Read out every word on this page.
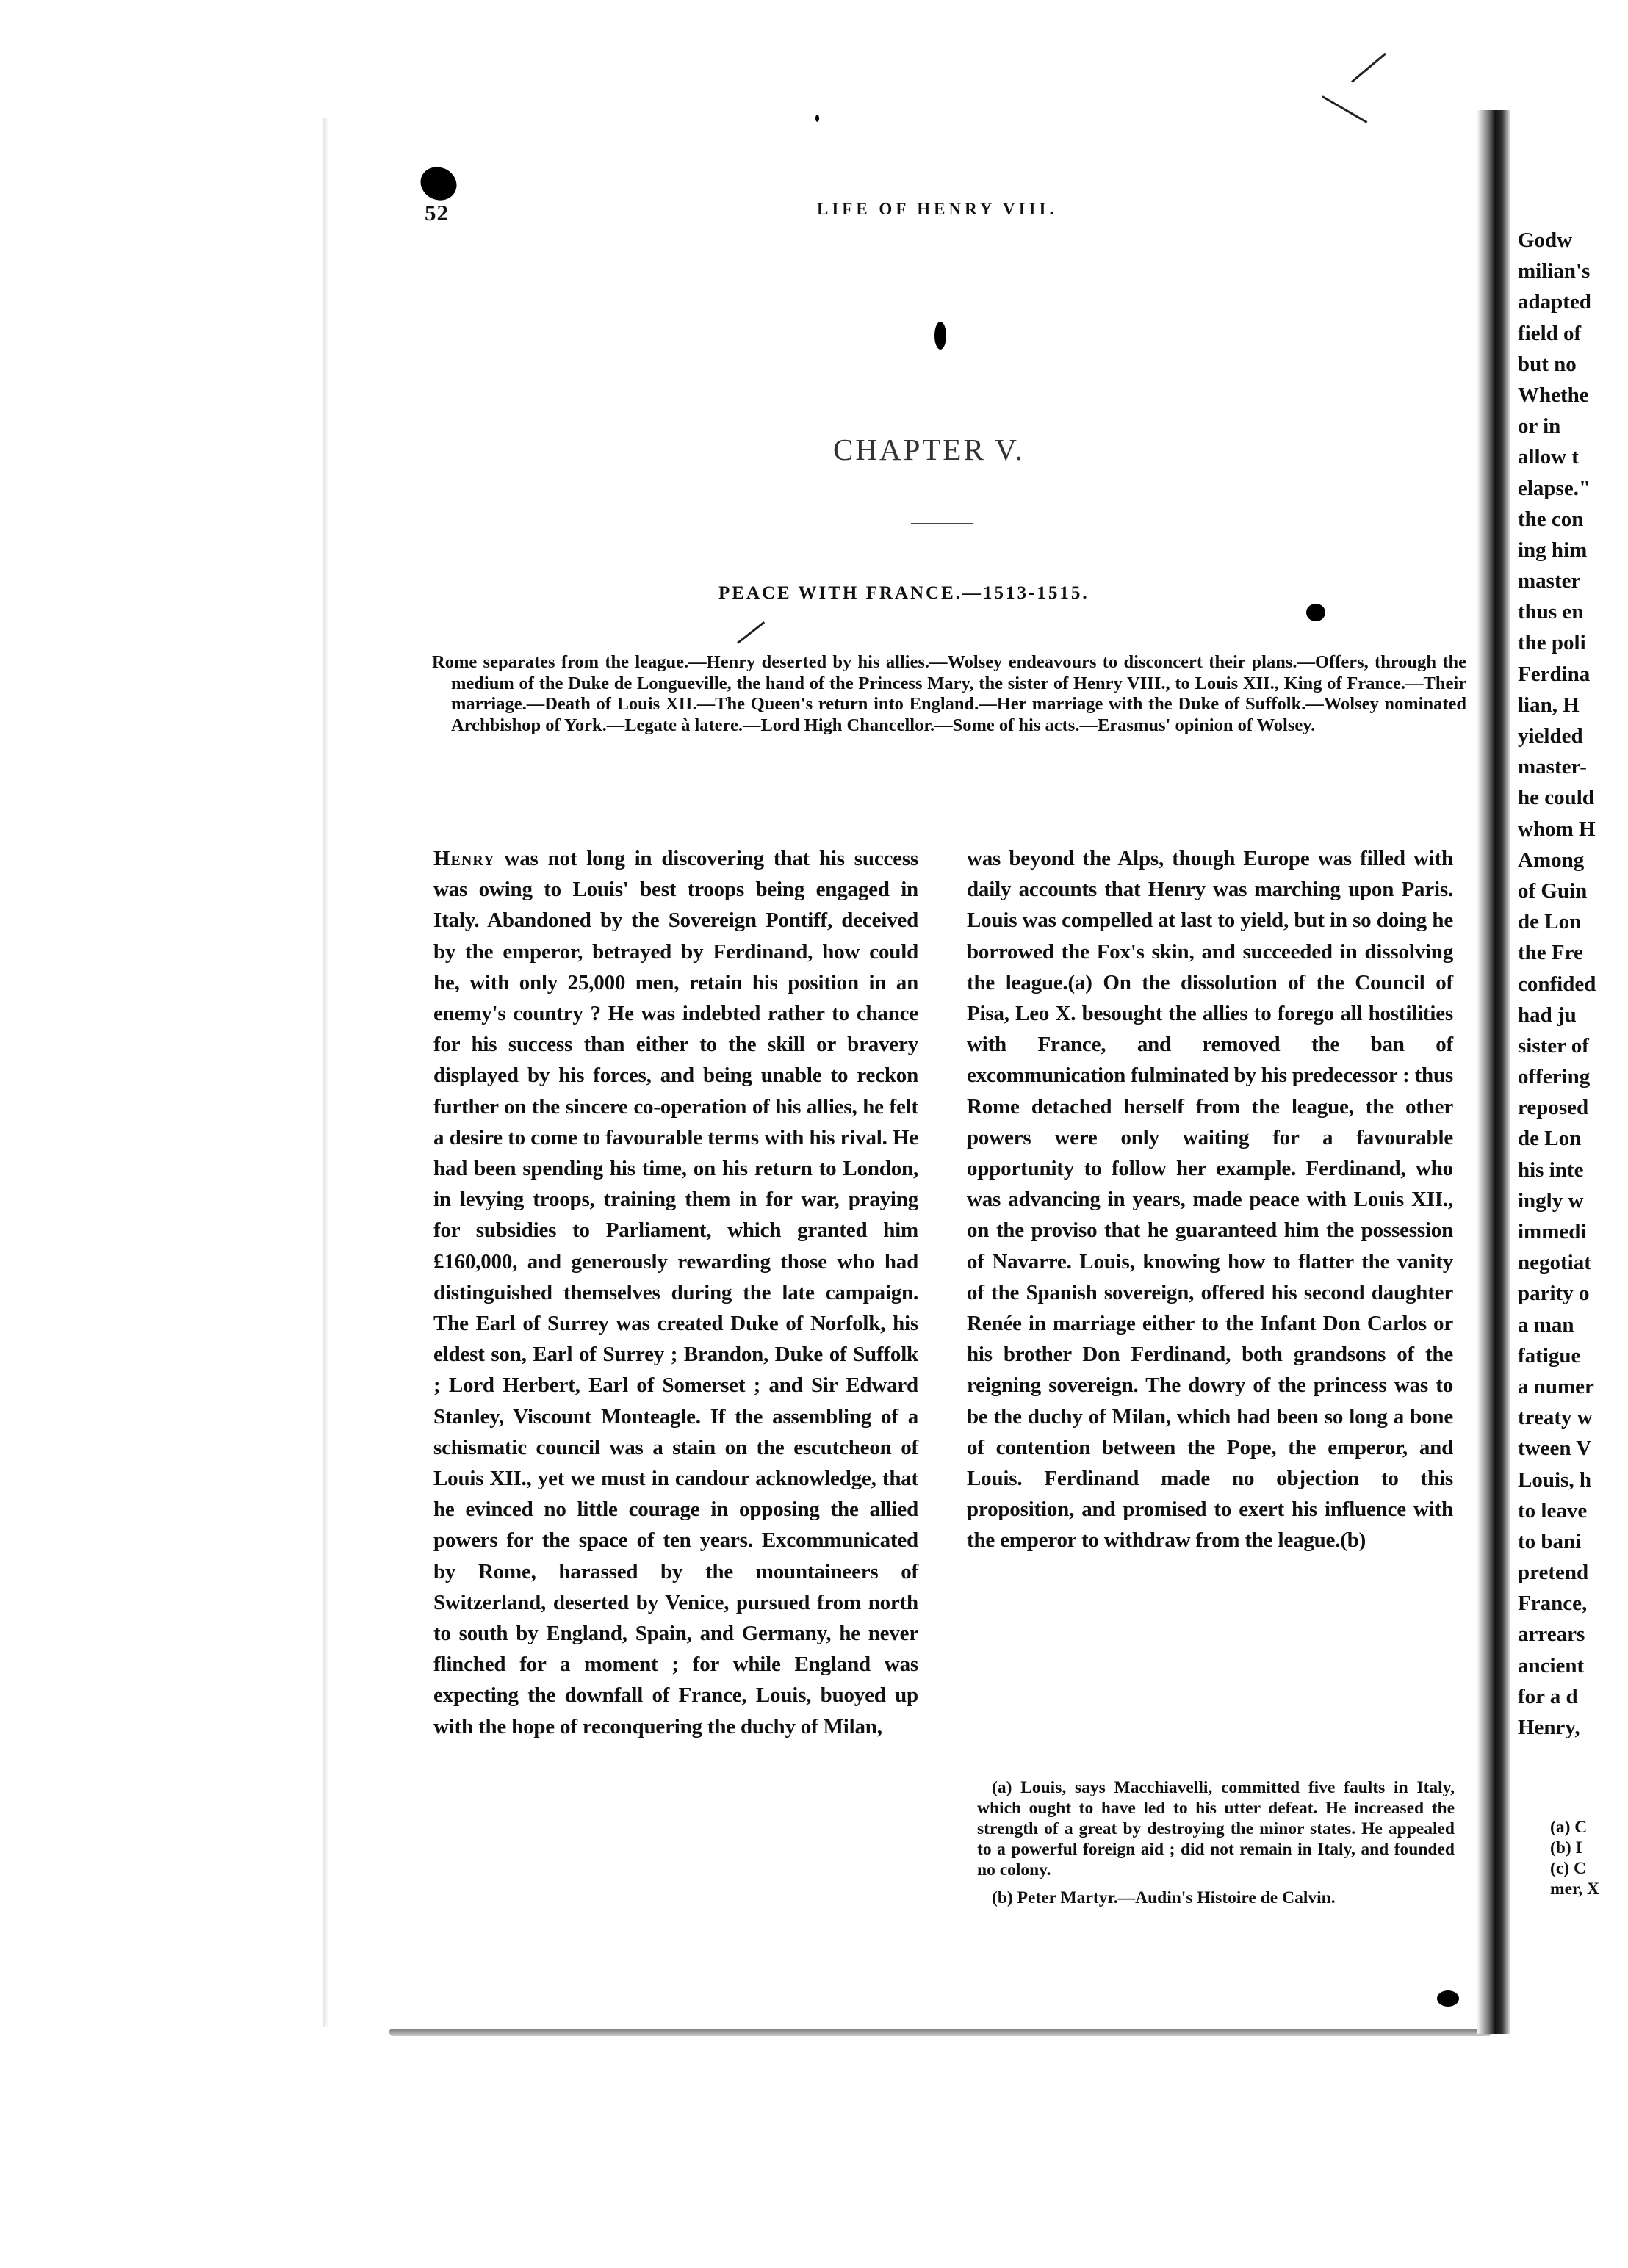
52	LIFE OF HENRY VIII.
CHAPTER V.
PEACE WITH FRANCE.—1513-1515.
Rome separates from the league.—Henry deserted by his allies.—Wolsey endeavours to disconcert their plans.—Offers, through the medium of the Duke de Longueville, the hand of the Princess Mary, the sister of Henry VIII., to Louis XII., King of France.—Their marriage.—Death of Louis XII.—The Queen's return into England.—Her marriage with the Duke of Suffolk.—Wolsey nominated Archbishop of York.—Legate à latere.—Lord High Chancellor.—Some of his acts.—Erasmus' opinion of Wolsey.

Henry was not long in discovering that his success was owing to Louis' best troops being engaged in Italy. Abandoned by the Sovereign Pontiff, deceived by the emperor, betrayed by Ferdinand, how could he, with only 25,000 men, retain his position in an enemy's country ? He was indebted rather to chance for his success than either to the skill or bravery displayed by his forces, and being unable to reckon further on the sincere co-operation of his allies, he felt a desire to come to favourable terms with his rival. He had been spending his time, on his return to London, in levying troops, training them in for war, praying for subsidies to Parliament, which granted him £160,000, and generously rewarding those who had distinguished themselves during the late campaign. The Earl of Surrey was created Duke of Norfolk, his eldest son, Earl of Surrey ; Brandon, Duke of Suffolk ; Lord Herbert, Earl of Somerset ; and Sir Edward Stanley, Viscount Monteagle. If the assembling of a schismatic council was a stain on the escutcheon of Louis XII., yet we must in candour acknowledge, that he evinced no little courage in opposing the allied powers for the space of ten years. Excommunicated by Rome, harassed by the mountaineers of Switzerland, deserted by Venice, pursued from north to south by England, Spain, and Germany, he never flinched for a moment ; for while England was expecting the downfall of France, Louis, buoyed up with the hope of reconquering the duchy of Milan,

was beyond the Alps, though Europe was filled with daily accounts that Henry was marching upon Paris. Louis was compelled at last to yield, but in so doing he borrowed the Fox's skin, and succeeded in dissolving the league.(a) On the dissolution of the Council of Pisa, Leo X. besought the allies to forego all hostilities with France, and removed the ban of excommunication fulminated by his predecessor : thus Rome detached herself from the league, the other powers were only waiting for a favourable opportunity to follow her example. Ferdinand, who was advancing in years, made peace with Louis XII., on the proviso that he guaranteed him the possession of Navarre. Louis, knowing how to flatter the vanity of the Spanish sovereign, offered his second daughter Renée in marriage either to the Infant Don Carlos or his brother Don Ferdinand, both grandsons of the reigning sovereign. The dowry of the princess was to be the duchy of Milan, which had been so long a bone of contention between the Pope, the emperor, and Louis. Ferdinand made no objection to this proposition, and promised to exert his influence with the emperor to withdraw from the league.(b)

(a) Louis, says Macchiavelli, committed five faults in Italy, which ought to have led to his utter defeat. He increased the strength of a great by destroying the minor states. He appealed to a powerful foreign aid ; did not remain in Italy, and founded no colony.

(b) Peter Martyr.—Audin's Histoire de Calvin.

Godw
milian's
adapted
field of
but no
Whethe
or in
allow t
elapse."
the con
ing him
master
thus en
the poli
Ferdina
lian, H
yielded
master-
he could
whom H
Among
of Guin
de Lon
the Fre
confided
had ju
sister of
offering
reposed
de Lon
his inte
ingly w
immedi
negotiat
parity o
a man
fatigue
a numer
treaty w
tween V
Louis, h
to leave
to bani
pretend
France,
arrears
ancient
for a d
Henry,
(a) C
(b) I
(c) C
mer, X
